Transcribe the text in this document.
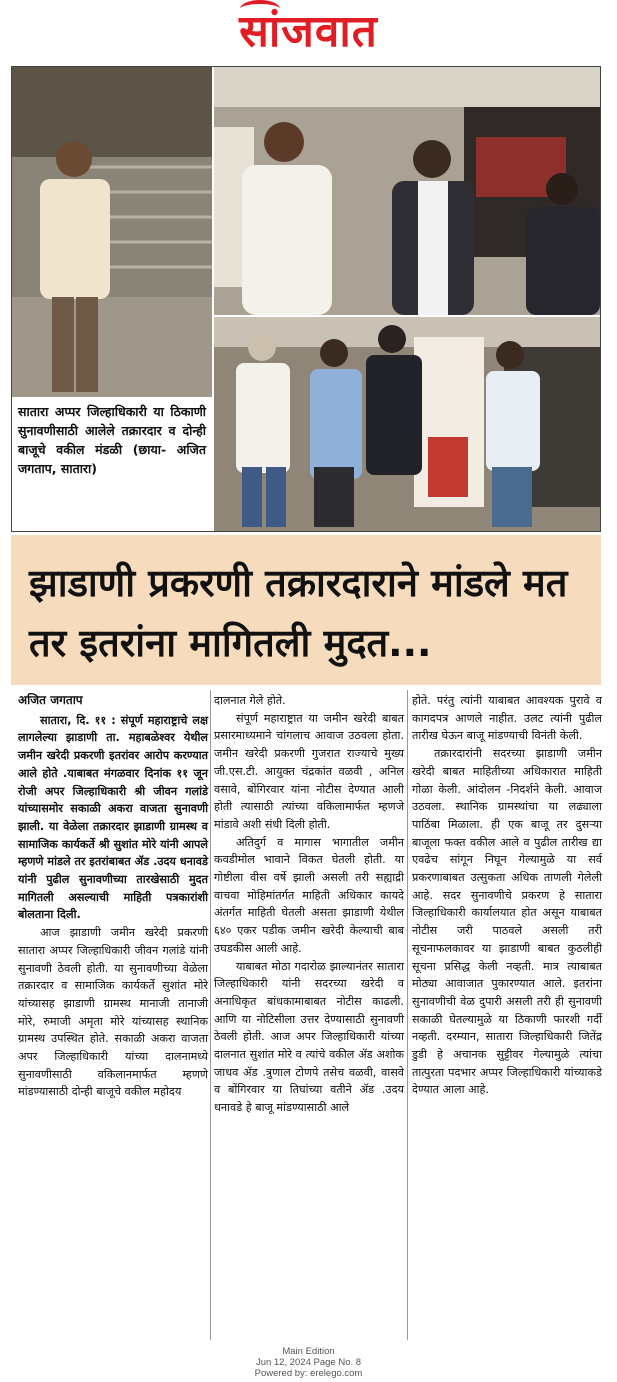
सांजवात
सातारा अप्पर जिल्हाधिकारी या ठिकाणी सुनावणीसाठी आलेले तक्रारदार व दोन्ही बाजूचे वकील मंडळी (छाया- अजित जगताप, सातारा)
झाडाणी प्रकरणी तक्रारदाराने मांडले मत तर इतरांना मागितली मुदत...

अजित जगताप

सातारा, दि. ११ : संपूर्ण महाराष्ट्राचे लक्ष लागलेल्या झाडाणी ता. महाबळेश्वर येथील जमीन खरेदी प्रकरणी इतरांवर आरोप करण्यात आले होते .याबाबत मंगळवार दिनांक ११ जून रोजी अपर जिल्हाधिकारी श्री जीवन गलांडे यांच्यासमोर सकाळी अकरा वाजता सुनावणी झाली. या वेळेला तक्रारदार झाडाणी ग्रामस्थ व सामाजिक कार्यकर्ते श्री सुशांत मोरे यांनी आपले म्हणणे मांडले तर इतरांबाबत ॲड .उदय धनावडे यांनी पुढील सुनावणीच्या तारखेसाठी मुदत मागितली असल्याची माहिती पत्रकारांशी बोलताना दिली.

आज झाडाणी जमीन खरेदी प्रकरणी सातारा अप्पर जिल्हाधिकारी जीवन गलांडे यांनी सुनावणी ठेवली होती. या सुनावणीच्या वेळेला तक्रारदार व सामाजिक कार्यकर्ते सुशांत मोरे यांच्यासह झाडाणी ग्रामस्थ मानाजी तानाजी मोरे, रुमाजी अमृता मोरे यांच्यासह स्थानिक ग्रामस्थ उपस्थित होते. सकाळी अकरा वाजता अपर जिल्हाधिकारी यांच्या दालनामध्ये सुनावणीसाठी वकिलानमार्फत म्हणणे मांडण्यासाठी दोन्ही बाजूचे वकील महोदय

दालनात गेले होते.

संपूर्ण महाराष्ट्रात या जमीन खरेदी बाबत प्रसारमाध्यमाने चांगलाच आवाज उठवला होता. जमीन खरेदी प्रकरणी गुजरात राज्याचे मुख्य जी.एस.टी. आयुक्त चंद्रकांत वळवी , अनिल वसावे, बोंगिरवार यांना नोटीस देण्यात आली होती त्यासाठी त्यांच्या वकिलामार्फत म्हणजे मांडावे अशी संधी दिली होती.

अतिदुर्ग व मागास भागातील जमीन कवडीमोल भावाने विकत घेतली होती. या गोष्टीला वीस वर्षे झाली असली तरी सह्याद्री वाचवा मोहिमांतर्गत माहिती अधिकार कायदे अंतर्गत माहिती घेतली असता झाडाणी येथील ६४० एकर पडीक जमीन खरेदी केल्याची बाब उघडकीस आली आहे.

याबाबत मोठा गदारोळ झाल्यानंतर सातारा जिल्हाधिकारी यांनी सदरच्या खरेदी व अनाधिकृत बांधकामाबाबत नोटीस काढली. आणि या नोटिसीला उत्तर देण्यासाठी सुनावणी ठेवली होती. आज अपर जिल्हाधिकारी यांच्या दालनात सुशांत मोरे व त्यांचे वकील ॲड अशोक जाधव ॲड .त्रुणाल टोणपे तसेच वळवी, वासवे व बोंगिरवार या तिघांच्या वतीने ॲड .उदय धनावडे हे बाजू मांडण्यासाठी आले

होते. परंतु त्यांनी याबाबत आवश्यक पुरावे व कागदपत्र आणले नाहीत. उलट त्यांनी पुढील तारीख घेऊन बाजू मांडण्याची विनंती केली.

तक्रारदारांनी सदरच्या झाडाणी जमीन खरेदी बाबत माहितीच्या अधिकारात माहिती गोळा केली. आंदोलन -निदर्शने केली. आवाज उठवला. स्थानिक ग्रामस्थांचा या लढ्याला पाठिंबा मिळाला. ही एक बाजू तर दुसऱ्या बाजूला फक्त वकील आले व पुढील तारीख द्या एवढेच सांगून निघून गेल्यामुळे या सर्व प्रकरणाबाबत उत्सुकता अधिक ताणली गेलेली आहे. सदर सुनावणीचे प्रकरण हे सातारा जिल्हाधिकारी कार्यालयात होत असून याबाबत नोटीस जरी पाठवले असली तरी सूचनाफलकावर या झाडाणी बाबत कुठलीही सूचना प्रसिद्ध केली नव्हती. मात्र त्याबाबत मोठ्या आवाजात पुकारण्यात आले. इतरांना सुनावणीची वेळ दुपारी असली तरी ही सुनावणी सकाळी घेतल्यामुळे या ठिकाणी फारशी गर्दी नव्हती. दरम्यान, सातारा जिल्हाधिकारी जितेंद्र डुडी हे अचानक सुट्टीवर गेल्यामुळे त्यांचा तात्पुरता पदभार अप्पर जिल्हाधिकारी यांच्याकडे देण्यात आला आहे.

Main Edition
Jun 12, 2024 Page No. 8
Powered by: erelego.com
